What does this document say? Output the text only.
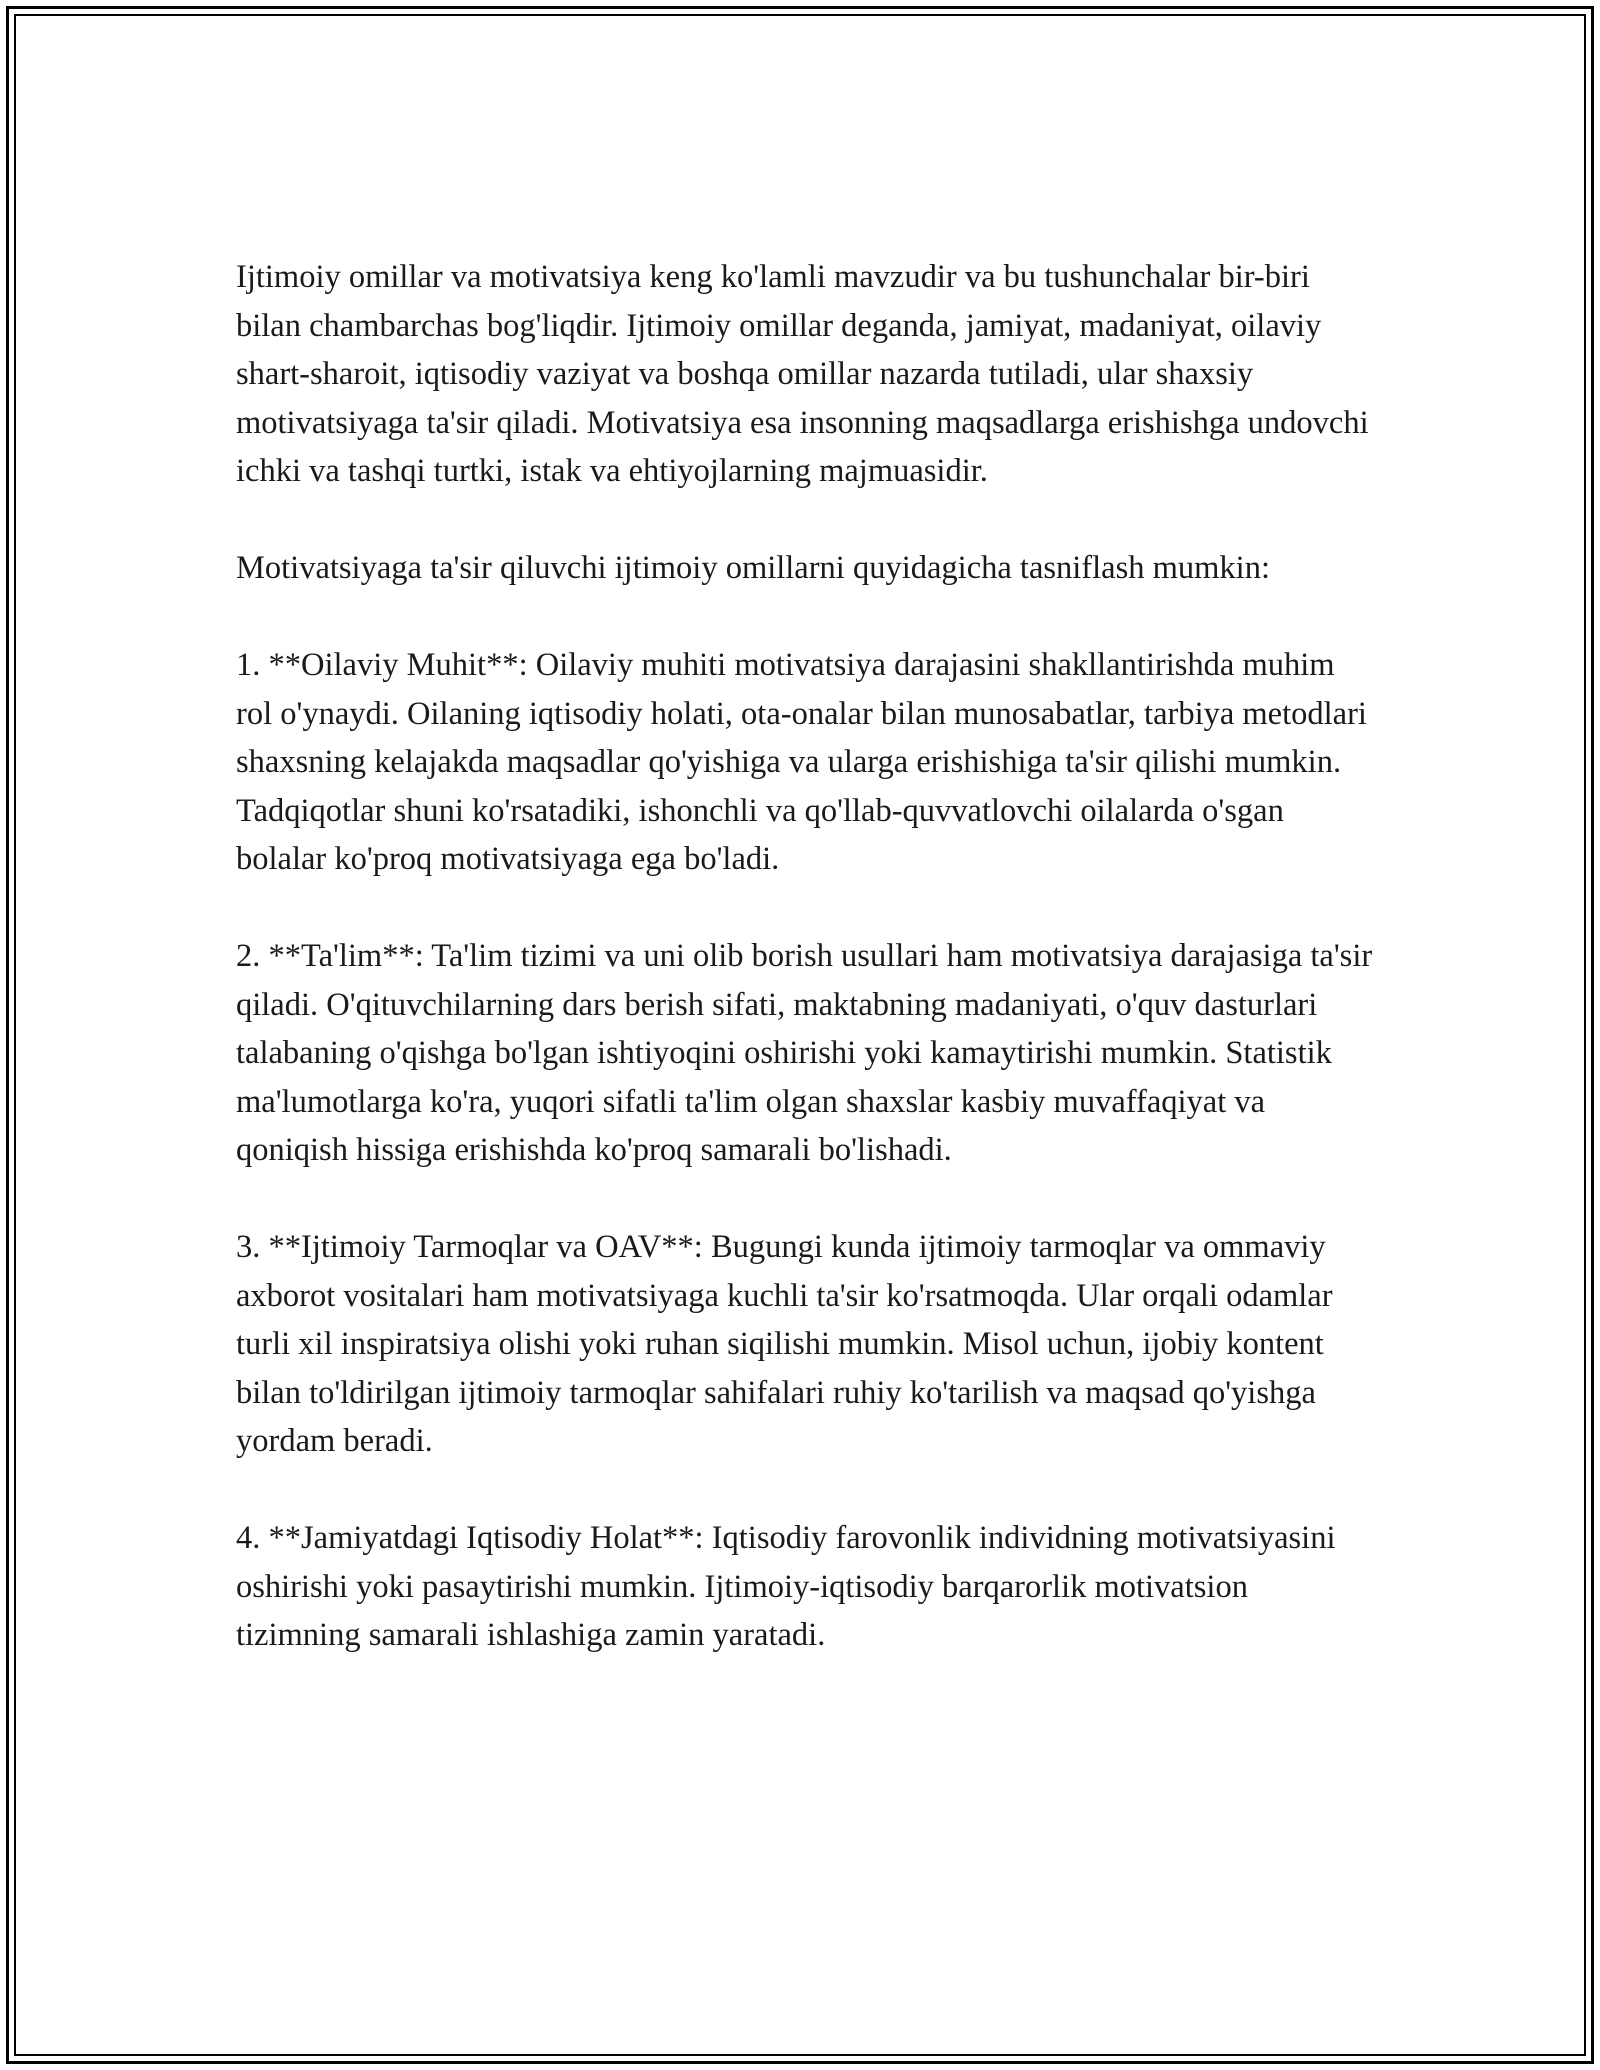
Ijtimoiy omillar va motivatsiya keng ko'lamli mavzudir va bu tushunchalar bir-biri bilan chambarchas bog'liqdir. Ijtimoiy omillar deganda, jamiyat, madaniyat, oilaviy shart-sharoit, iqtisodiy vaziyat va boshqa omillar nazarda tutiladi, ular shaxsiy motivatsiyaga ta'sir qiladi. Motivatsiya esa insonning maqsadlarga erishishga undovchi ichki va tashqi turtki, istak va ehtiyojlarning majmuasidir.

Motivatsiyaga ta'sir qiluvchi ijtimoiy omillarni quyidagicha tasniflash mumkin:

1. **Oilaviy Muhit**: Oilaviy muhiti motivatsiya darajasini shakllantirishda muhim rol o'ynaydi. Oilaning iqtisodiy holati, ota-onalar bilan munosabatlar, tarbiya metodlari shaxsning kelajakda maqsadlar qo'yishiga va ularga erishishiga ta'sir qilishi mumkin. Tadqiqotlar shuni ko'rsatadiki, ishonchli va qo'llab-quvvatlovchi oilalarda o'sgan bolalar ko'proq motivatsiyaga ega bo'ladi.

2. **Ta'lim**: Ta'lim tizimi va uni olib borish usullari ham motivatsiya darajasiga ta'sir qiladi. O'qituvchilarning dars berish sifati, maktabning madaniyati, o'quv dasturlari talabaning o'qishga bo'lgan ishtiyoqini oshirishi yoki kamaytirishi mumkin. Statistik ma'lumotlarga ko'ra, yuqori sifatli ta'lim olgan shaxslar kasbiy muvaffaqiyat va qoniqish hissiga erishishda ko'proq samarali bo'lishadi.

3. **Ijtimoiy Tarmoqlar va OAV**: Bugungi kunda ijtimoiy tarmoqlar va ommaviy axborot vositalari ham motivatsiyaga kuchli ta'sir ko'rsatmoqda. Ular orqali odamlar turli xil inspiratsiya olishi yoki ruhan siqilishi mumkin. Misol uchun, ijobiy kontent bilan to'ldirilgan ijtimoiy tarmoqlar sahifalari ruhiy ko'tarilish va maqsad qo'yishga yordam beradi.

4. **Jamiyatdagi Iqtisodiy Holat**: Iqtisodiy farovonlik individning motivatsiyasini oshirishi yoki pasaytirishi mumkin. Ijtimoiy-iqtisodiy barqarorlik motivatsion tizimning samarali ishlashiga zamin yaratadi.
